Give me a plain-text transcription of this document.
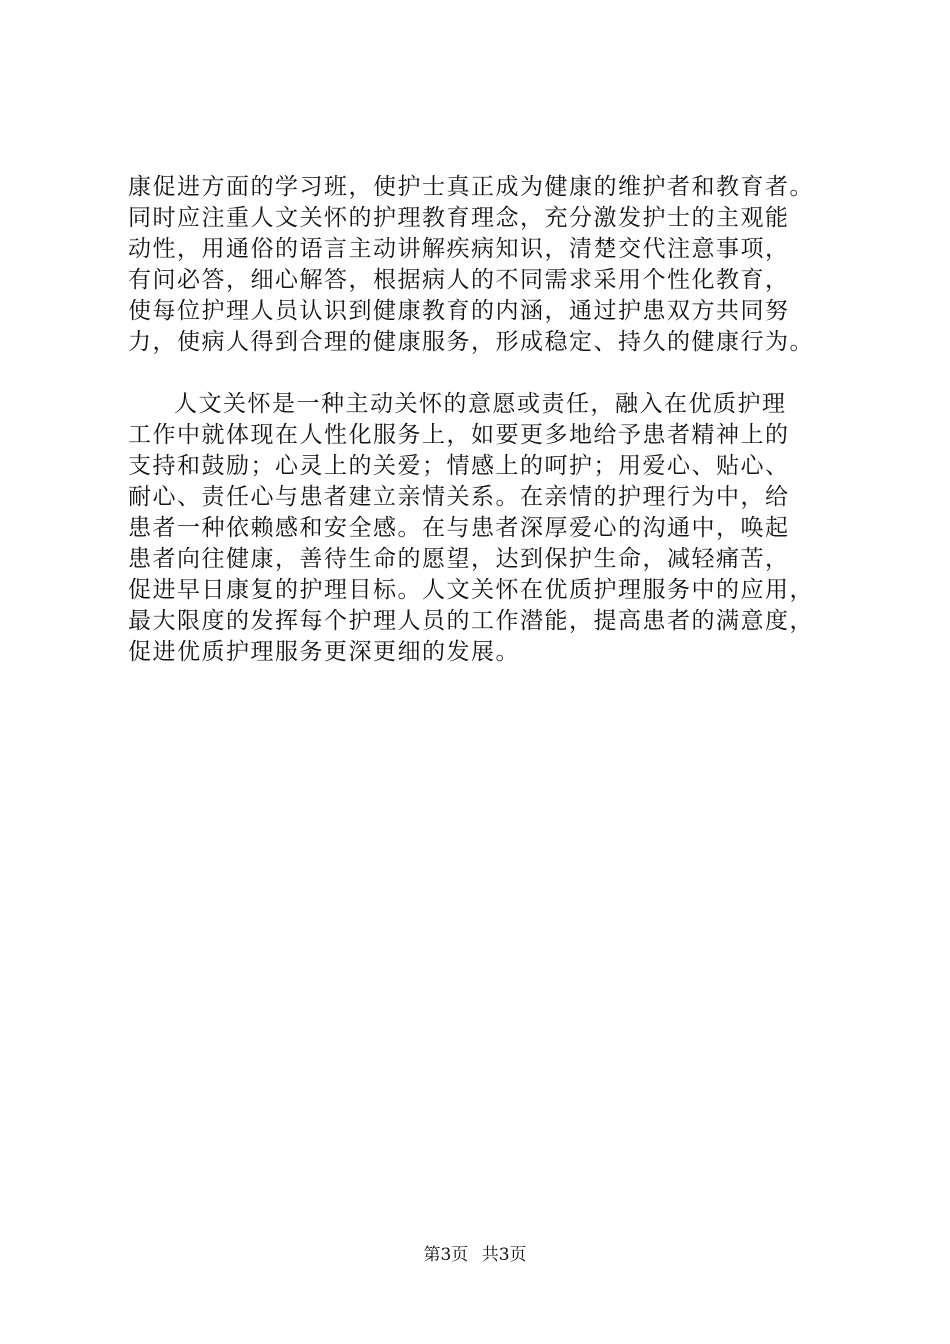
康促进方面的学习班，使护士真正成为健康的维护者和教育者。
同时应注重人文关怀的护理教育理念，充分激发护士的主观能
动性，用通俗的语言主动讲解疾病知识，清楚交代注意事项，
有问必答，细心解答，根据病人的不同需求采用个性化教育，
使每位护理人员认识到健康教育的内涵，通过护患双方共同努
力，使病人得到合理的健康服务，形成稳定、持久的健康行为。
人文关怀是一种主动关怀的意愿或责任，融入在优质护理
工作中就体现在人性化服务上，如要更多地给予患者精神上的
支持和鼓励；心灵上的关爱；情感上的呵护；用爱心、贴心、
耐心、责任心与患者建立亲情关系。在亲情的护理行为中，给
患者一种依赖感和安全感。在与患者深厚爱心的沟通中，唤起
患者向往健康，善待生命的愿望，达到保护生命，减轻痛苦，
促进早日康复的护理目标。人文关怀在优质护理服务中的应用，
最大限度的发挥每个护理人员的工作潜能，提高患者的满意度，
促进优质护理服务更深更细的发展。
第3页 共3页
